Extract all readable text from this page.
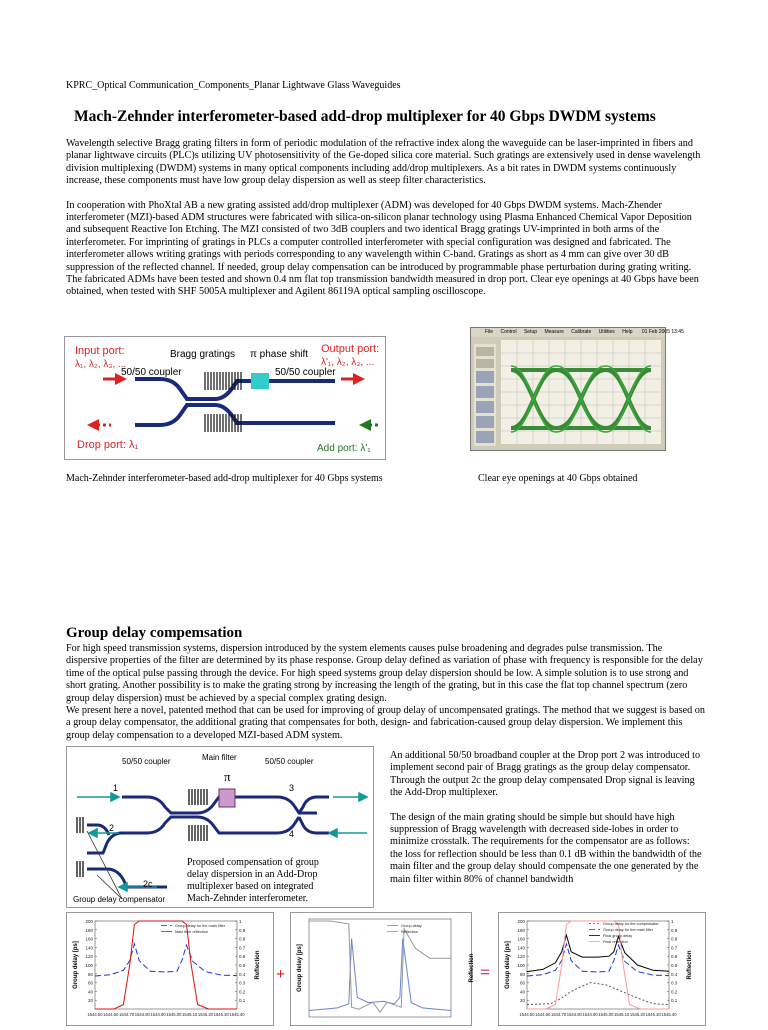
KPRC_Optical Communication_Components_Planar Lightwave Glass Waveguides
Mach-Zehnder interferometer-based add-drop multiplexer for 40 Gbps DWDM systems

Wavelength selective Bragg grating filters in form of periodic modulation of the refractive index along the waveguide can be laser-imprinted in fibers and planar lightwave circuits (PLC)s utilizing UV photosensitivity of the Ge-doped silica core material. Such gratings are extensively used in dense wavelength division multiplexing (DWDM) systems in many optical components including add/drop multiplexers. As a bit rates in DWDM systems continuously increase, these components must have low group delay dispersion as well as steep filter characteristics.

In cooperation with PhoXtal AB a new grating assisted add/drop multiplexer (ADM) was developed for 40 Gbps DWDM systems. Mach-Zhender interferometer (MZI)-based ADM structures were fabricated with silica-on-silicon planar technology using Plasma Enhanced Chemical Vapor Deposition and subsequent Reactive Ion Etching. The MZI consisted of two 3dB couplers and two identical Bragg gratings UV-imprinted in both arms of the interferometer. For imprinting of gratings in PLCs a computer controlled interferometer with special configuration was designed and fabricated. The interferometer allows writing gratings with periods corresponding to any wavelength within C-band. Gratings as short as 4 mm can give over 30 dB suppression of the reflected channel. If needed, group delay compensation can be introduced by programmable phase perturbation during grating writing.

The fabricated ADMs have been tested and shown 0.4 nm flat top transmission bandwidth measured in drop port. Clear eye openings at 40 Gbps have been obtained, when tested with SHF 5005A multiplexer and Agilent 86119A optical sampling oscilloscope.

Input port:
λ₁, λ₂, λ₃, ...
Bragg gratings π phase shift
50/50 coupler	50/50 coupler
Output port:
λ'₁, λ₂, λ₃, ...
Drop port: λ₁	Add port: λ'₁
Mach-Zehnder interferometer-based add-drop multiplexer for 40 Gbps systems
File Control Setup Measure Calibrate Utilities Help 01 Feb 2005 13:45
Clear eye openings at 40 Gbps obtained
Group delay compemsation

For high speed transmission systems, dispersion introduced by the system elements causes pulse broadening and degrades pulse transmission. The dispersive properties of the filter are determined by its phase response. Group delay defined as variation of phase with frequency is responsible for the delay time of the optical pulse passing through the device. For high speed systems group delay dispersion should be low. A simple solution is to use strong and short grating. Another possibility is to make the grating strong by increasing the length of the grating, but in this case the flat top channel spectrum (zero group delay dispersion) must be achieved by a special complex grating design.

We present here a novel, patented method that can be used for improving of group delay of uncompensated gratings. The method that we suggest is based on a group delay compensator, the additional grating that compensates for both, design- and fabrication-caused group delay dispersion. We implement this group delay compensation to a developed MZI-based ADM system.

50/50 coupler	Main filter
π
50/50 coupler
1
2
3
4
2c
Group delay compensator
Proposed compensation of group delay dispersion in an Add-Drop multiplexer based on integrated Mach-Zehnder interferometer.

An additional 50/50 broadband coupler at the Drop port 2 was introduced to implement second pair of Bragg gratings as the group delay compensator. Through the output 2c the group delay compensated Drop signal is leaving the Add-Drop multiplexer.

The design of the main grating should be simple but should have high suppression of Bragg wavelength with decreased side-lobes in order to minimize crosstalk. The requirements for the compensator are as follows: the loss for reflection should be less than 0.1 dB within the bandwidth of the main filter and the group delay should compensate the one generated by the main filter within 80% of channel bandwidth

20
40
60
80
100
120
140
160
180
200
0.1
0.2
0.3
0.4
0.5
0.6
0.7
0.8
0.9
1
1544.50 1544.60 1544.70 1544.80 1544.90 1545.00 1545.10 1545.20 1545.30 1545.40
Group delay [ps]	Reflection
Group delay for the main filter
Main filter reflection
+ Group delay [ps]	Reflection
Group delay
Reflection
=
20
40
60
80
100
120
140
160
180
200
0.1
0.2
0.3
0.4
0.5
0.6
0.7
0.8
0.9
1
1544.50 1544.60 1544.70 1544.80 1544.90 1545.00 1545.10 1545.20 1545.30 1545.40
Group delay [ps]	Reflection
Group delay for the compensator
Group delay for the main filter
Final group delay
Final reflection
